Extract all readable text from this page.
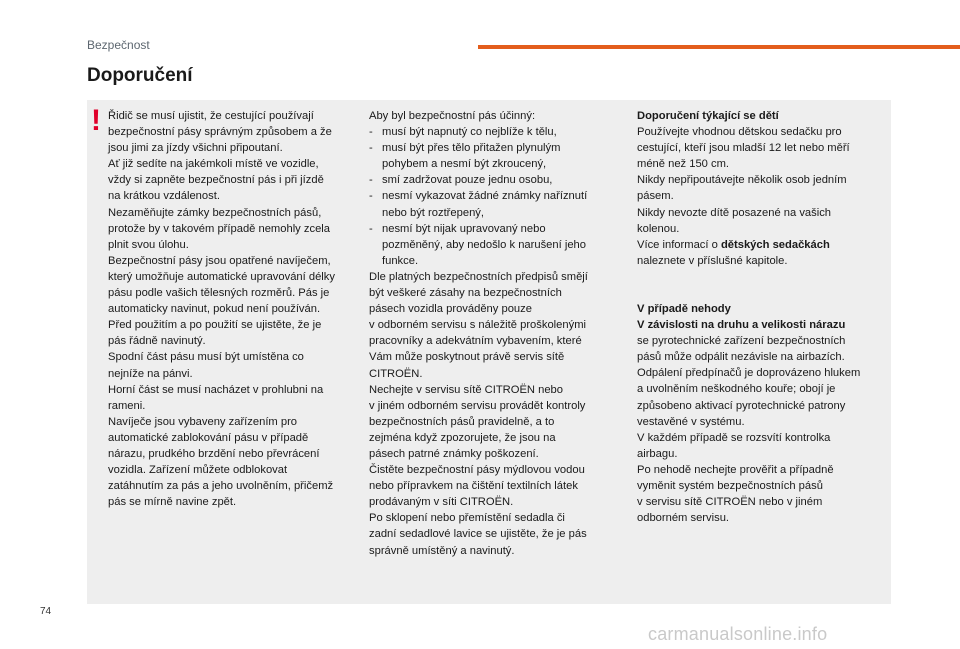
Bezpečnost
Doporučení
! Řidič se musí ujistit, že cestující používají
bezpečnostní pásy správným způsobem a že
jsou jimi za jízdy všichni připoutaní.
Ať již sedíte na jakémkoli místě ve vozidle,
vždy si zapněte bezpečnostní pás i při jízdě
na krátkou vzdálenost.
Nezaměňujte zámky bezpečnostních pásů,
protože by v takovém případě nemohly zcela
plnit svou úlohu.
Bezpečnostní pásy jsou opatřené navíječem,
který umožňuje automatické upravování délky
pásu podle vašich tělesných rozměrů. Pás je
automaticky navinut, pokud není používán.
Před použitím a po použití se ujistěte, že je
pás řádně navinutý.
Spodní část pásu musí být umístěna co
nejníže na pánvi.
Horní část se musí nacházet v prohlubni na
rameni.
Navíječe jsou vybaveny zařízením pro
automatické zablokování pásu v případě
nárazu, prudkého brzdění nebo převrácení
vozidla. Zařízení můžete odblokovat
zatáhnutím za pás a jeho uvolněním, přičemž
pás se mírně navine zpět.
Aby byl bezpečnostní pás účinný:
- musí být napnutý co nejblíže k tělu,
- musí být přes tělo přitažen plynulým
pohybem a nesmí být zkroucený,
- smí zadržovat pouze jednu osobu,
- nesmí vykazovat žádné známky naříznutí
nebo být roztřepený,
- nesmí být nijak upravovaný nebo
pozměněný, aby nedošlo k narušení jeho
funkce.
Dle platných bezpečnostních předpisů smějí
být veškeré zásahy na bezpečnostních
pásech vozidla prováděny pouze
v odborném servisu s náležitě proškolenými
pracovníky a adekvátním vybavením, které
Vám může poskytnout právě servis sítě
CITROËN.
Nechejte v servisu sítě CITROËN nebo
v jiném odborném servisu provádět kontroly
bezpečnostních pásů pravidelně, a to
zejména když zpozorujete, že jsou na
pásech patrné známky poškození.
Čistěte bezpečnostní pásy mýdlovou vodou
nebo přípravkem na čištění textilních látek
prodávaným v síti CITROËN.
Po sklopení nebo přemístění sedadla či
zadní sedadlové lavice se ujistěte, že je pás
správně umístěný a navinutý.
Doporučení týkající se dětí
Používejte vhodnou dětskou sedačku pro
cestující, kteří jsou mladší 12 let nebo měří
méně než 150 cm.
Nikdy nepřipoutávejte několik osob jedním
pásem.
Nikdy nevozte dítě posazené na vašich
kolenou.
Více informací o dětských sedačkách
naleznete v příslušné kapitole.
V případě nehody
V závislosti na druhu a velikosti nárazu
se pyrotechnické zařízení bezpečnostních
pásů může odpálit nezávisle na airbazích.
Odpálení předpínačů je doprovázeno hlukem
a uvolněním neškodného kouře; obojí je
způsobeno aktivací pyrotechnické patrony
vestavěné v systému.
V každém případě se rozsvítí kontrolka
airbagu.
Po nehodě nechejte prověřit a případně
vyměnit systém bezpečnostních pásů
v servisu sítě CITROËN nebo v jiném
odborném servisu.
74
carmanualsonline.info
